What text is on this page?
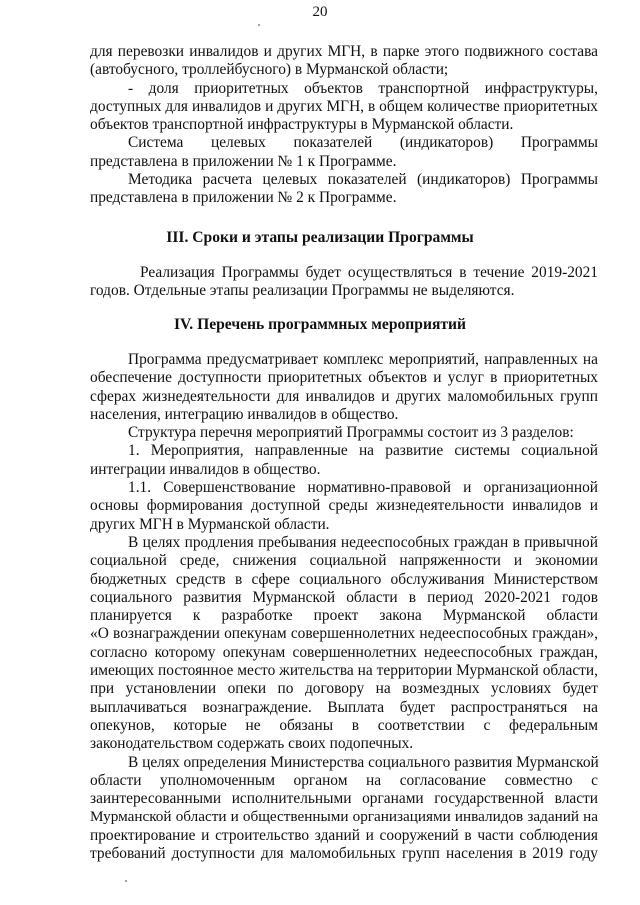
20
для перевозки инвалидов и других МГН, в парке этого подвижного состава
(автобусного, троллейбусного) в Мурманской области;
- доля приоритетных объектов транспортной инфраструктуры,
доступных для инвалидов и других МГН, в общем количестве приоритетных
объектов транспортной инфраструктуры в Мурманской области.
Система целевых показателей (индикаторов) Программы
представлена в приложении № 1 к Программе.
Методика расчета целевых показателей (индикаторов) Программы
представлена в приложении № 2 к Программе.
III. Сроки и этапы реализации Программы
Реализация Программы будет осуществляться в течение 2019-2021
годов. Отдельные этапы реализации Программы не выделяются.
IV. Перечень программных мероприятий
Программа предусматривает комплекс мероприятий, направленных на
обеспечение доступности приоритетных объектов и услуг в приоритетных
сферах жизнедеятельности для инвалидов и других маломобильных групп
населения, интеграцию инвалидов в общество.
Структура перечня мероприятий Программы состоит из 3 разделов:
1. Мероприятия, направленные на развитие системы социальной
интеграции инвалидов в общество.
1.1. Совершенствование нормативно-правовой и организационной
основы формирования доступной среды жизнедеятельности инвалидов и
других МГН в Мурманской области.
В целях продления пребывания недееспособных граждан в привычной
социальной среде, снижения социальной напряженности и экономии
бюджетных средств в сфере социального обслуживания Министерством
социального развития Мурманской области в период 2020-2021 годов
планируется к разработке проект закона Мурманской области
«О вознаграждении опекунам совершеннолетних недееспособных граждан»,
согласно которому опекунам совершеннолетних недееспособных граждан,
имеющих постоянное место жительства на территории Мурманской области,
при установлении опеки по договору на возмездных условиях будет
выплачиваться вознаграждение. Выплата будет распространяться на
опекунов, которые не обязаны в соответствии с федеральным
законодательством содержать своих подопечных.
В целях определения Министерства социального развития Мурманской
области уполномоченным органом на согласование совместно с
заинтересованными исполнительными органами государственной власти
Мурманской области и общественными организациями инвалидов заданий на
проектирование и строительство зданий и сооружений в части соблюдения
требований доступности для маломобильных групп населения в 2019 году
